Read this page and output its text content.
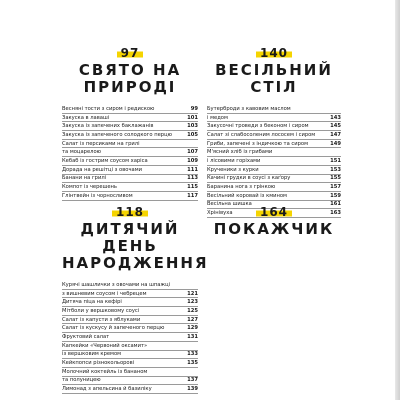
97
СВЯТО НА
ПРИРОДІ
Весняні тости з сиром і редискою	99
Закуска в лаваші	101
Закуска із запечених баклажанів	103
Закуска із запеченого солодкого перцю	105
Салат із персиками на грилі
та моцарелою	107
Кебаб із гострим соусом харіса	109
Дорада на решітці з овочами	111
Банани на грилі	113
Компот із черешень	115
Глінтвейн із чорносливом	117
140
ВЕСІЛЬНИЙ
СТІЛ
Бутерброди з кавовим маслом
і медом	143
Закусочні троведи з беконом і сиром	145
Салат зі слабосоленим лососем і сиром	147
Гриби, запечені з індичкою та сиром	149
М'ясний хліб із грибами
і лісовими горіхами	151
Крученики з курки	153
Качині грудки в соусі з каґору	155
Баранина нога з грінкою	157
Весільний коровай із кмином	159
Весільна шишка	161
Хрінівуха	163
118
ДИТЯЧИЙ ДЕНЬ
НАРОДЖЕННЯ
Курячі шашлички з овочами на шпажці
з вишневим соусом і чебрецем	121
Дитяча піца на кефірі	123
Мітболи у вершковому соусі	125
Салат із капусти з яблуками	127
Салат із кускусу й запеченого перцю	129
Фруктовий салат	131
Капкейки «Червоний оксамит»
із вершковим кремом	133
Кейкпопси різнокольорові	135
Молочний коктейль із бананом
та полуницею	137
Лимонад з апельсина й базиліку	139
164
ПОКАЖЧИК
